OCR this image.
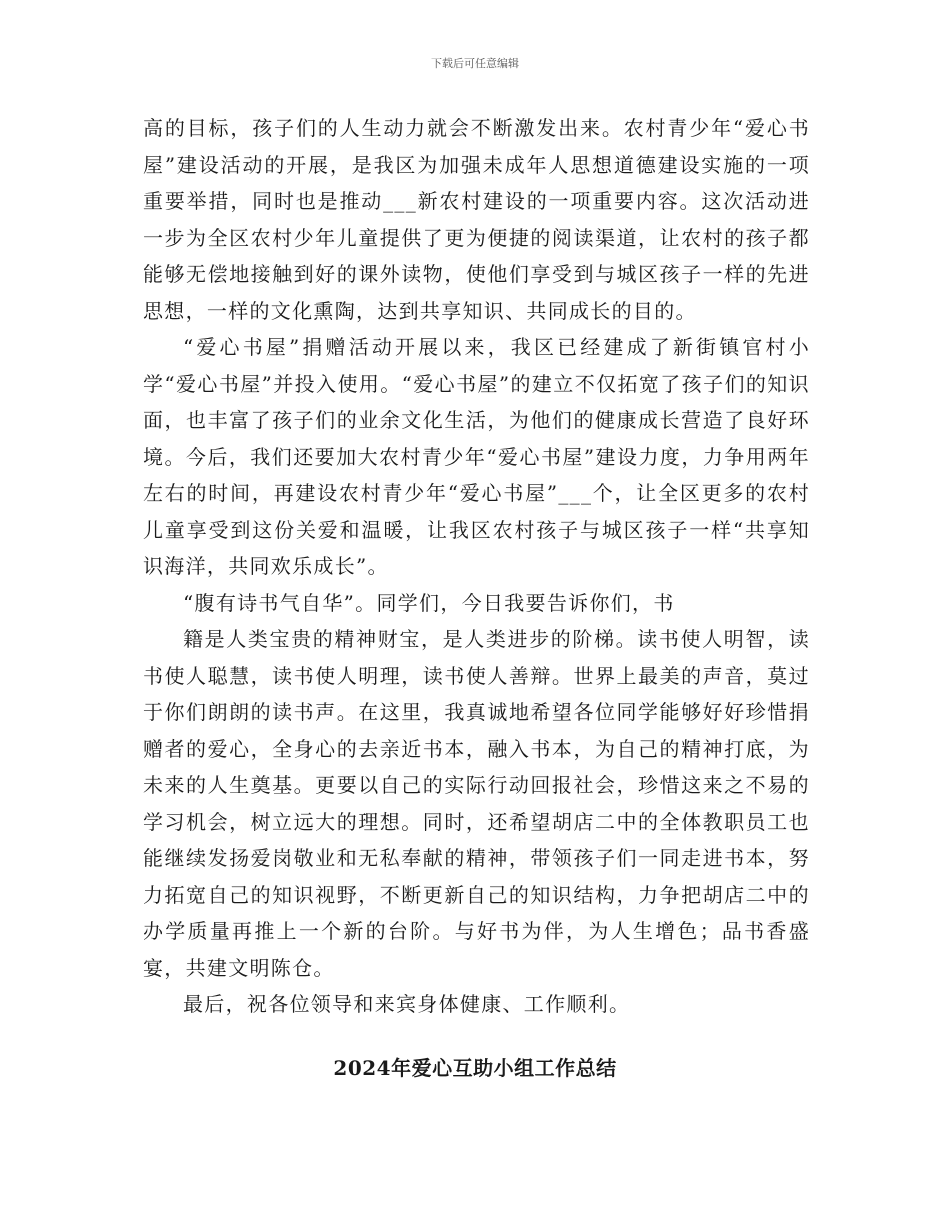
下载后可任意编辑

高的目标，孩子们的人生动力就会不断激发出来。农村青少年“爱心书屋”建设活动的开展，是我区为加强未成年人思想道德建设实施的一项重要举措，同时也是推动___新农村建设的一项重要内容。这次活动进一步为全区农村少年儿童提供了更为便捷的阅读渠道，让农村的孩子都能够无偿地接触到好的课外读物，使他们享受到与城区孩子一样的先进思想，一样的文化熏陶，达到共享知识、共同成长的目的。

“爱心书屋”捐赠活动开展以来，我区已经建成了新街镇官村小学“爱心书屋”并投入使用。“爱心书屋”的建立不仅拓宽了孩子们的知识面，也丰富了孩子们的业余文化生活，为他们的健康成长营造了良好环境。今后，我们还要加大农村青少年“爱心书屋”建设力度，力争用两年左右的时间，再建设农村青少年“爱心书屋”___个，让全区更多的农村儿童享受到这份关爱和温暖，让我区农村孩子与城区孩子一样“共享知识海洋，共同欢乐成长”。

“腹有诗书气自华”。同学们，今日我要告诉你们，书

籍是人类宝贵的精神财宝，是人类进步的阶梯。读书使人明智，读书使人聪慧，读书使人明理，读书使人善辩。世界上最美的声音，莫过于你们朗朗的读书声。在这里，我真诚地希望各位同学能够好好珍惜捐赠者的爱心，全身心的去亲近书本，融入书本，为自己的精神打底，为未来的人生奠基。更要以自己的实际行动回报社会，珍惜这来之不易的学习机会，树立远大的理想。同时，还希望胡店二中的全体教职员工也能继续发扬爱岗敬业和无私奉献的精神，带领孩子们一同走进书本，努力拓宽自己的知识视野，不断更新自己的知识结构，力争把胡店二中的办学质量再推上一个新的台阶。与好书为伴，为人生增色；品书香盛宴，共建文明陈仓。

最后，祝各位领导和来宾身体健康、工作顺利。

2024年爱心互助小组工作总结
